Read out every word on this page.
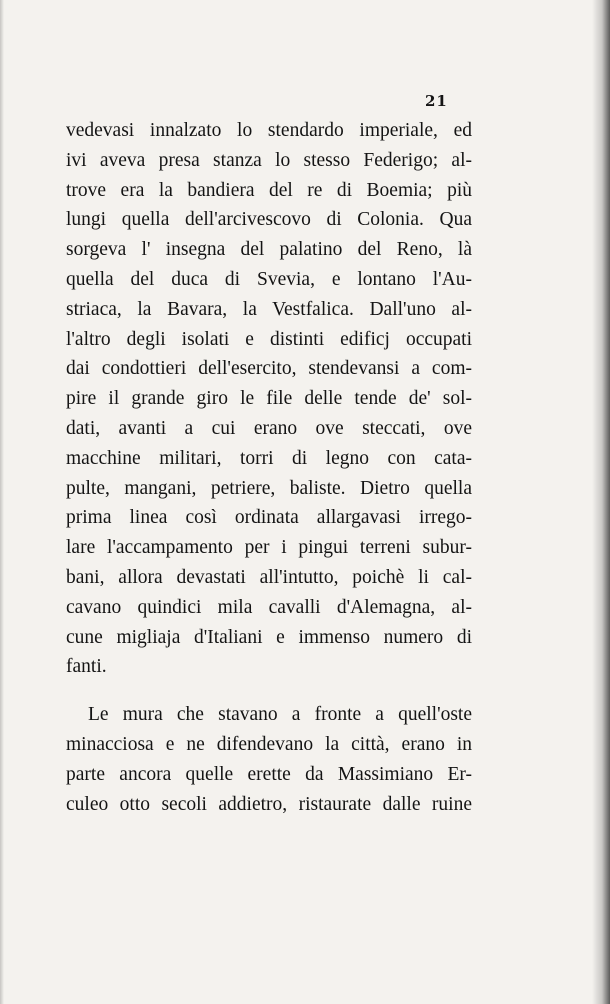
21
vedevasi innalzato lo stendardo imperiale, ed
ivi aveva presa stanza lo stesso Federigo; al-
trove era la bandiera del re di Boemia; più
lungi quella dell'arcivescovo di Colonia. Qua
sorgeva l' insegna del palatino del Reno, là
quella del duca di Svevia, e lontano l'Au-
striaca, la Bavara, la Vestfalica. Dall'uno al-
l'altro degli isolati e distinti edificj occupati
dai condottieri dell'esercito, stendevansi a com-
pire il grande giro le file delle tende de' sol-
dati, avanti a cui erano ove steccati, ove
macchine militari, torri di legno con cata-
pulte, mangani, petriere, baliste. Dietro quella
prima linea così ordinata allargavasi irrego-
lare l'accampamento per i pingui terreni subur-
bani, allora devastati all'intutto, poichè li cal-
cavano quindici mila cavalli d'Alemagna, al-
cune migliaja d'Italiani e immenso numero di
fanti.
Le mura che stavano a fronte a quell'oste
minacciosa e ne difendevano la città, erano in
parte ancora quelle erette da Massimiano Er-
culeo otto secoli addietro, ristaurate dalle ruine
